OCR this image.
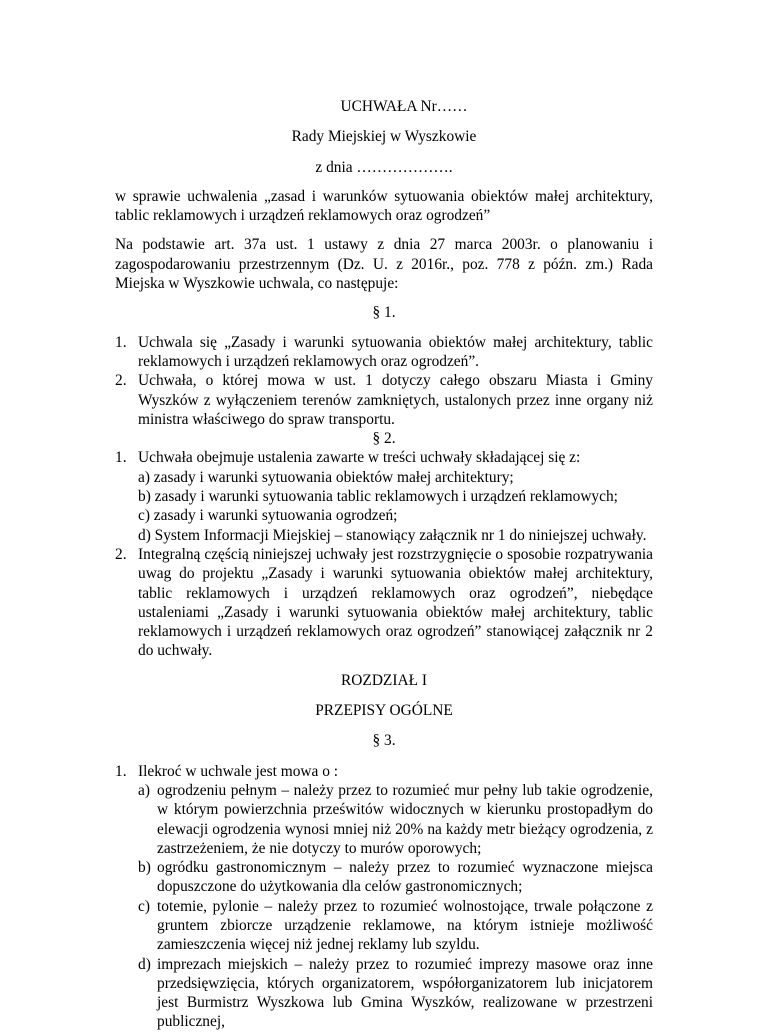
UCHWAŁA Nr……

Rady Miejskiej w Wyszkowie

z dnia ……………….

w sprawie uchwalenia „zasad i warunków sytuowania obiektów małej architektury, tablic reklamowych i urządzeń reklamowych oraz ogrodzeń”

Na podstawie art. 37a ust. 1 ustawy z dnia 27 marca 2003r. o planowaniu i zagospodarowaniu przestrzennym (Dz. U. z 2016r., poz. 778 z późn. zm.) Rada Miejska w Wyszkowie uchwala, co następuje:

§ 1.

1. Uchwala się „Zasady i warunki sytuowania obiektów małej architektury, tablic reklamowych i urządzeń reklamowych oraz ogrodzeń”.
2. Uchwała, o której mowa w ust. 1 dotyczy całego obszaru Miasta i Gminy Wyszków z wyłączeniem terenów zamkniętych, ustalonych przez inne organy niż ministra właściwego do spraw transportu.

§ 2.

1. Uchwała obejmuje ustalenia zawarte w treści uchwały składającej się z:
a) zasady i warunki sytuowania obiektów małej architektury;
b) zasady i warunki sytuowania tablic reklamowych i urządzeń reklamowych;
c) zasady i warunki sytuowania ogrodzeń;
d) System Informacji Miejskiej – stanowiący załącznik nr 1 do niniejszej uchwały.
2. Integralną częścią niniejszej uchwały jest rozstrzygnięcie o sposobie rozpatrywania uwag do projektu „Zasady i warunki sytuowania obiektów małej architektury, tablic reklamowych i urządzeń reklamowych oraz ogrodzeń”, niebędące ustaleniami „Zasady i warunki sytuowania obiektów małej architektury, tablic reklamowych i urządzeń reklamowych oraz ogrodzeń” stanowiącej załącznik nr 2 do uchwały.

ROZDZIAŁ I

PRZEPISY OGÓLNE

§ 3.

1. Ilekroć w uchwale jest mowa o :
a) ogrodzeniu pełnym – należy przez to rozumieć mur pełny lub takie ogrodzenie, w którym powierzchnia prześwitów widocznych w kierunku prostopadłym do elewacji ogrodzenia wynosi mniej niż 20% na każdy metr bieżący ogrodzenia, z zastrzeżeniem, że nie dotyczy to murów oporowych;
b) ogródku gastronomicznym – należy przez to rozumieć wyznaczone miejsca dopuszczone do użytkowania dla celów gastronomicznych;
c) totemie, pylonie – należy przez to rozumieć wolnostojące, trwale połączone z gruntem zbiorcze urządzenie reklamowe, na którym istnieje możliwość zamieszczenia więcej niż jednej reklamy lub szyldu.
d) imprezach miejskich – należy przez to rozumieć imprezy masowe oraz inne przedsięwzięcia, których organizatorem, współorganizatorem lub inicjatorem jest Burmistrz Wyszkowa lub Gmina Wyszków, realizowane w przestrzeni publicznej,
